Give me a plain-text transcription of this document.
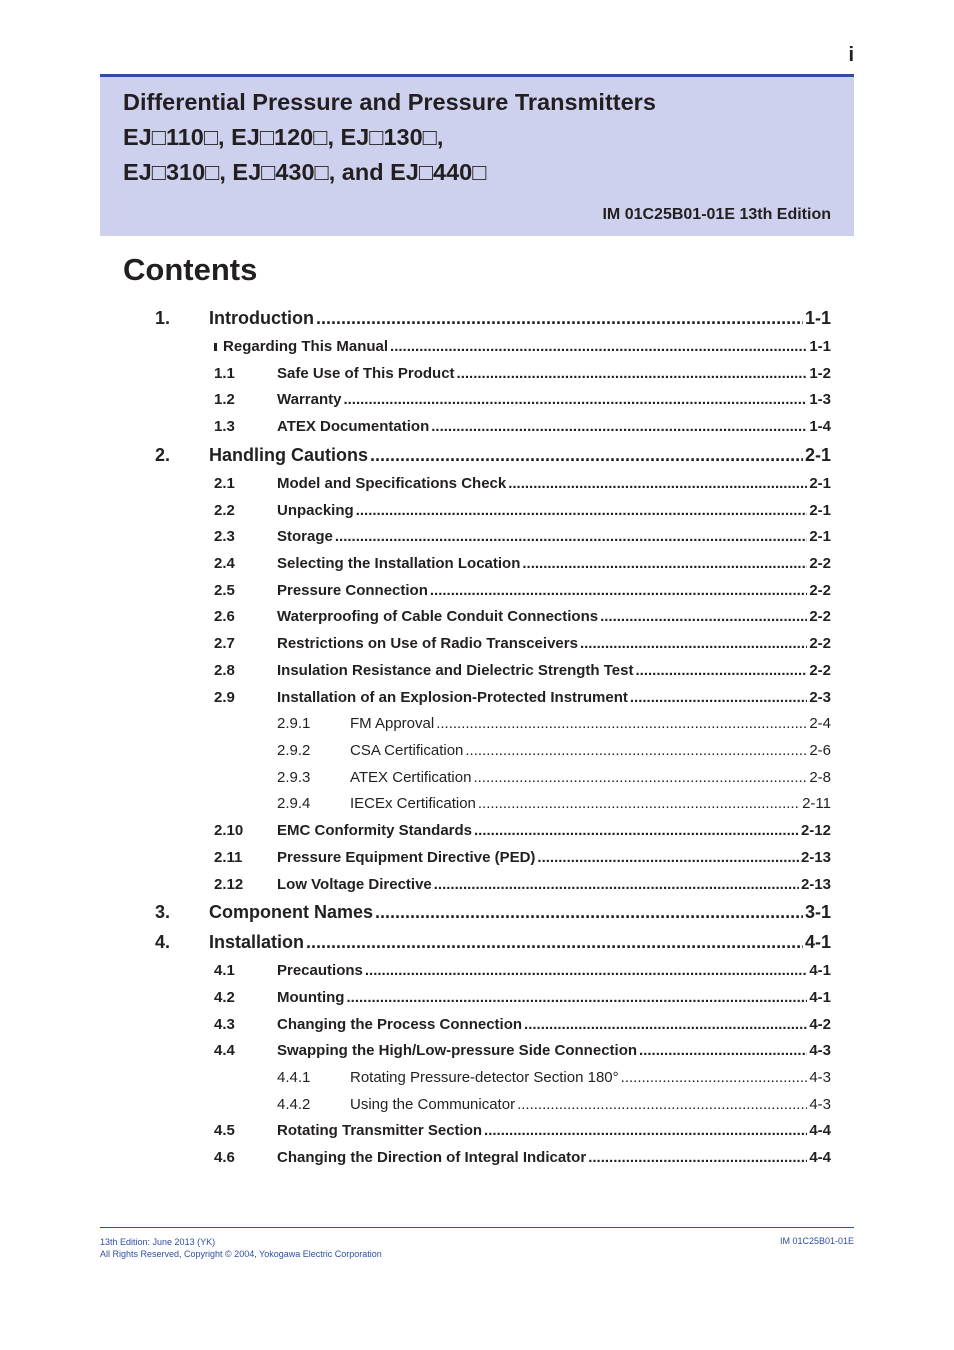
i
Differential Pressure and Pressure Transmitters
EJ□110□, EJ□120□, EJ□130□,
EJ□310□, EJ□430□, and EJ□440□
IM 01C25B01-01E 13th Edition
Contents
1.	Introduction .....	1-1
Regarding This Manual .....	1-1
1.1	Safe Use of This Product .....	1-2
1.2	Warranty .....	1-3
1.3	ATEX Documentation .....	1-4
2.	Handling Cautions .....	2-1
2.1	Model and Specifications Check .....	2-1
2.2	Unpacking .....	2-1
2.3	Storage .....	2-1
2.4	Selecting the Installation Location .....	2-2
2.5	Pressure Connection .....	2-2
2.6	Waterproofing of Cable Conduit Connections .....	2-2
2.7	Restrictions on Use of Radio Transceivers .....	2-2
2.8	Insulation Resistance and Dielectric Strength Test .....	2-2
2.9	Installation of an Explosion-Protected Instrument .....	2-3
2.9.1	FM Approval .....	2-4
2.9.2	CSA Certification .....	2-6
2.9.3	ATEX Certification .....	2-8
2.9.4	IECEx Certification .....	2-11
2.10	EMC Conformity Standards .....	2-12
2.11	Pressure Equipment Directive (PED) .....	2-13
2.12	Low Voltage Directive .....	2-13
3.	Component Names .....	3-1
4.	Installation .....	4-1
4.1	Precautions .....	4-1
4.2	Mounting .....	4-1
4.3	Changing the Process Connection .....	4-2
4.4	Swapping the High/Low-pressure Side Connection .....	4-3
4.4.1	Rotating Pressure-detector Section 180° .....	4-3
4.4.2	Using the Communicator .....	4-3
4.5	Rotating Transmitter Section .....	4-4
4.6	Changing the Direction of Integral Indicator .....	4-4
13th Edition: June 2013 (YK)
All Rights Reserved, Copyright © 2004, Yokogawa Electric Corporation
IM 01C25B01-01E
